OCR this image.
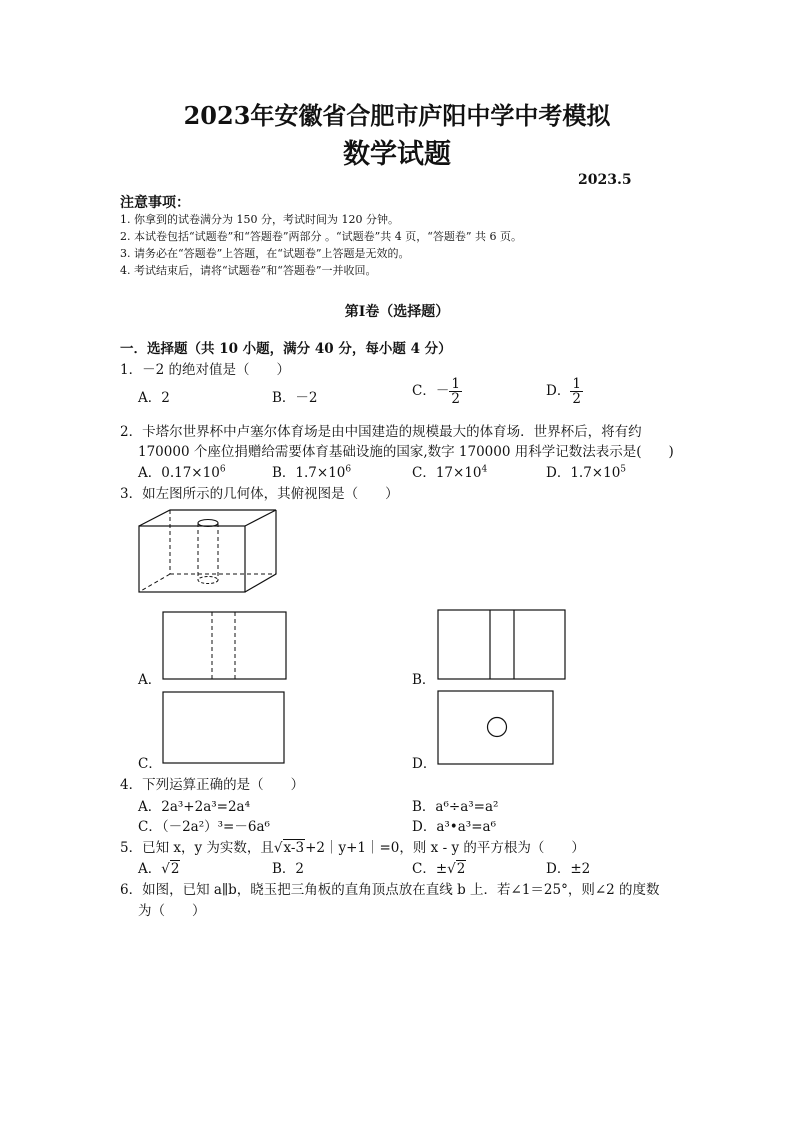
2023年安徽省合肥市庐阳中学中考模拟
数学试题
2023.5
注意事项：
1. 你拿到的试卷满分为 150 分，考试时间为 120 分钟。
2. 本试卷包括“试题卷”和“答题卷”两部分 。“试题卷”共 4 页，“答题卷” 共 6 页。
3. 请务必在“答题卷”上答题，在“试题卷”上答题是无效的。
4. 考试结束后，请将“试题卷”和“答题卷”一并收回。
第Ⅰ卷（选择题）
一．选择题（共 10 小题，满分 40 分，每小题 4 分）
1．－2 的绝对值是（　　）
A．2	B．－2	C．－ $\frac{1}{2}$	D． $\frac{1}{2}$
2．卡塔尔世界杯中卢塞尔体育场是由中国建造的规模最大的体育场．世界杯后，将有约
170000 个座位捐赠给需要体育基础设施的国家,数字 170000 用科学记数法表示是(　　)
A．$0.17\times 10^6$	B．$1.7\times 10^6$	C．$17\times 10^4$	D．$1.7\times 10^5$
3．如左图所示的几何体，其俯视图是（　　）
A．	B．
C．	D．
4．下列运算正确的是（　　）
A．2a³+2a³=2a⁴	B．a⁶÷a³=a²
C．（－2a²）³=－6a⁶	D．a³•a³=a⁶
5．已知 x，y 为实数，且√x-3+2｜y+1｜=0，则 x - y 的平方根为（　　）
A．√2	B．2	C．±√2	D．±2
6．如图，已知 a∥b，晓玉把三角板的直角顶点放在直线 b 上．若∠1＝25°，则∠2 的度数
为（　　）
